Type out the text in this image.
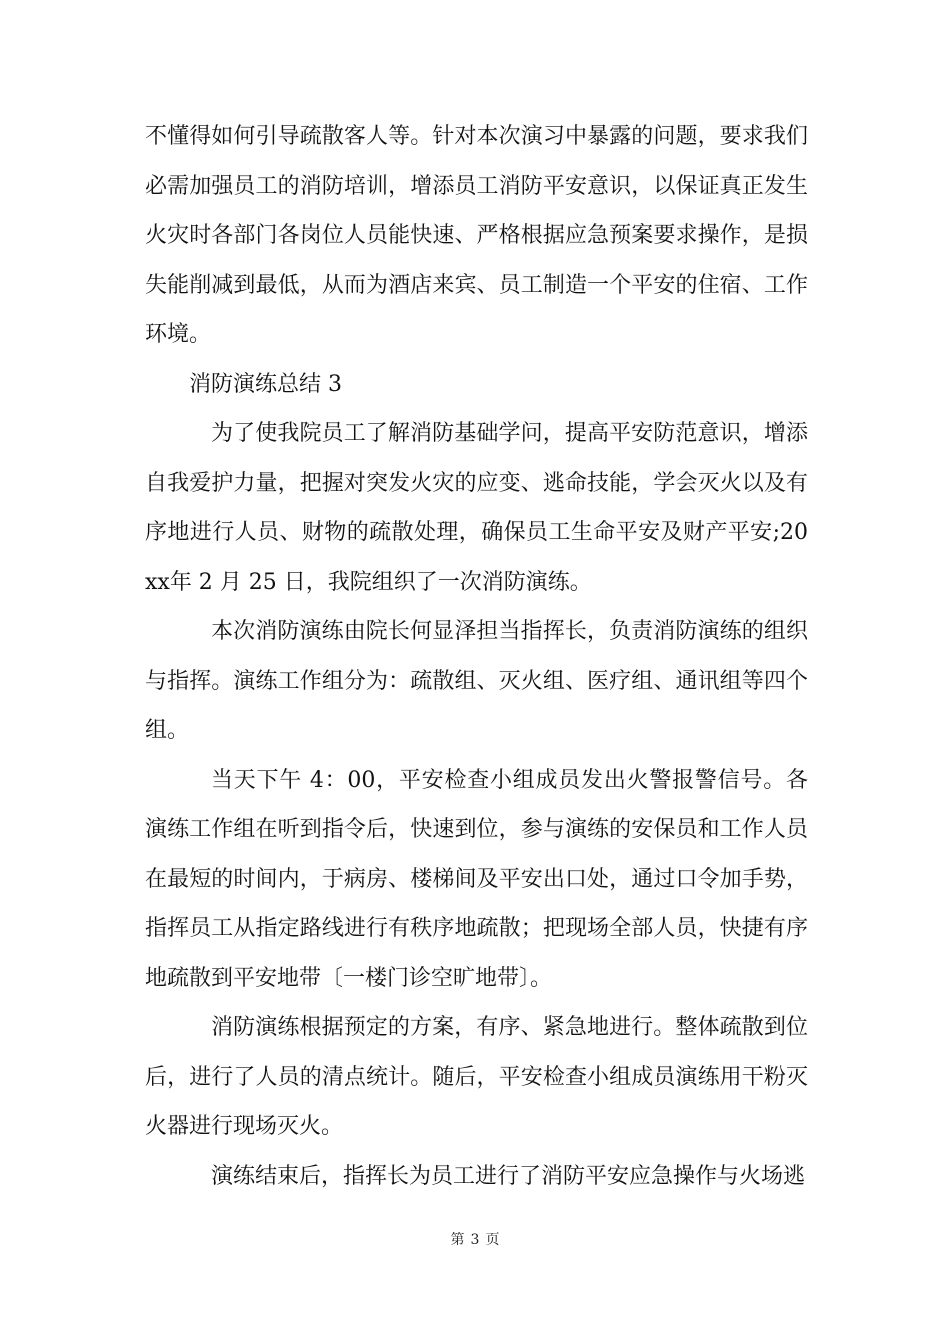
不懂得如何引导疏散客人等。针对本次演习中暴露的问题，要求我们必需加强员工的消防培训，增添员工消防平安意识，以保证真正发生火灾时各部门各岗位人员能快速、严格根据应急预案要求操作，是损失能削减到最低，从而为酒店来宾、员工制造一个平安的住宿、工作环境。

消防演练总结 3

为了使我院员工了解消防基础学问，提高平安防范意识，增添自我爱护力量，把握对突发火灾的应变、逃命技能，学会灭火以及有序地进行人员、财物的疏散处理，确保员工生命平安及财产平安;20xx年 2 月 25 日，我院组织了一次消防演练。

本次消防演练由院长何显泽担当指挥长，负责消防演练的组织与指挥。演练工作组分为：疏散组、灭火组、医疗组、通讯组等四个组。

当天下午 4：00，平安检查小组成员发出火警报警信号。各演练工作组在听到指令后，快速到位，参与演练的安保员和工作人员在最短的时间内，于病房、楼梯间及平安出口处，通过口令加手势，指挥员工从指定路线进行有秩序地疏散；把现场全部人员，快捷有序地疏散到平安地带〔一楼门诊空旷地带〕。

消防演练根据预定的方案，有序、紧急地进行。整体疏散到位后，进行了人员的清点统计。随后，平安检查小组成员演练用干粉灭火器进行现场灭火。

演练结束后，指挥长为员工进行了消防平安应急操作与火场逃

第 3 页
